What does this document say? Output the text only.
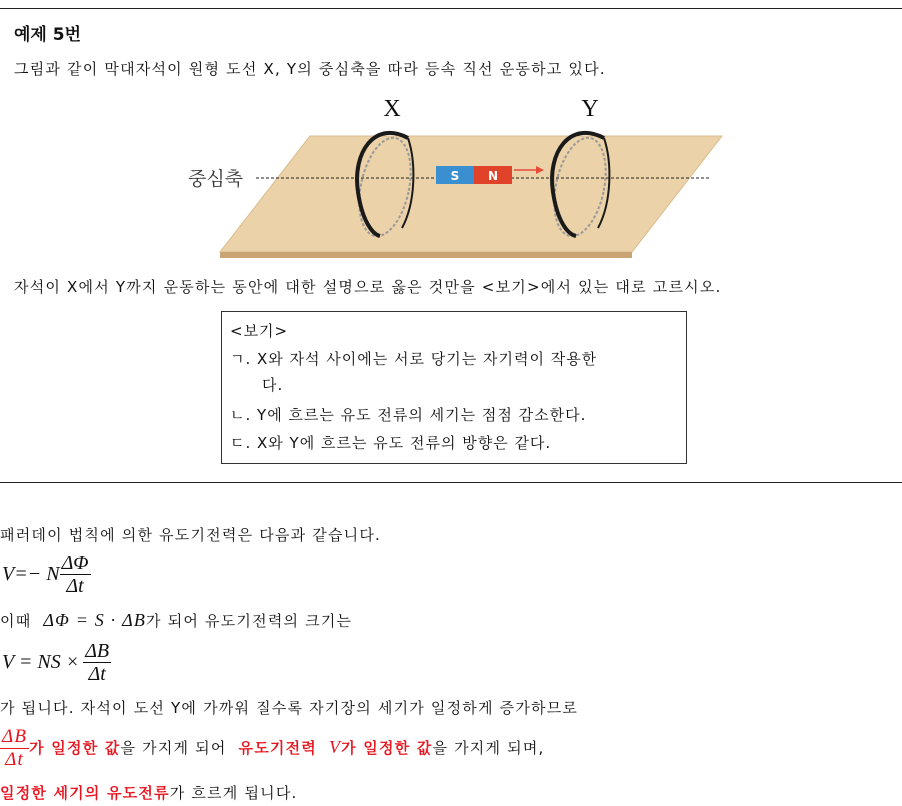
예제 5번
그림과 같이 막대자석이 원형 도선 X, Y의 중심축을 따라 등속 직선 운동하고 있다.
S N
X	Y
중심축
자석이 X에서 Y까지 운동하는 동안에 대한 설명으로 옳은 것만을 <보기>에서 있는 대로 고르시오.
<보기>
ㄱ. X와 자석 사이에는 서로 당기는 자기력이 작용한
다.
ㄴ. Y에 흐르는 유도 전류의 세기는 점점 감소한다.
ㄷ. X와 Y에 흐르는 유도 전류의 방향은 같다.
패러데이 법칙에 의한 유도기전력은 다음과 같습니다.
V=− N $\frac{\Delta\Phi}{\Delta t}$
이때 ΔΦ = S · ΔB가 되어 유도기전력의 크기는
V = NS × $\frac{\Delta B}{\Delta t}$
가 됩니다. 자석이 도선 Y에 가까워 질수록 자기장의 세기가 일정하게 증가하므로
$\frac{\Delta B}{\Delta t}$ 가 일정한 값을 가지게 되어 유도기전력 V가 일정한 값을 가지게 되며,
일정한 세기의 유도전류가 흐르게 됩니다.
